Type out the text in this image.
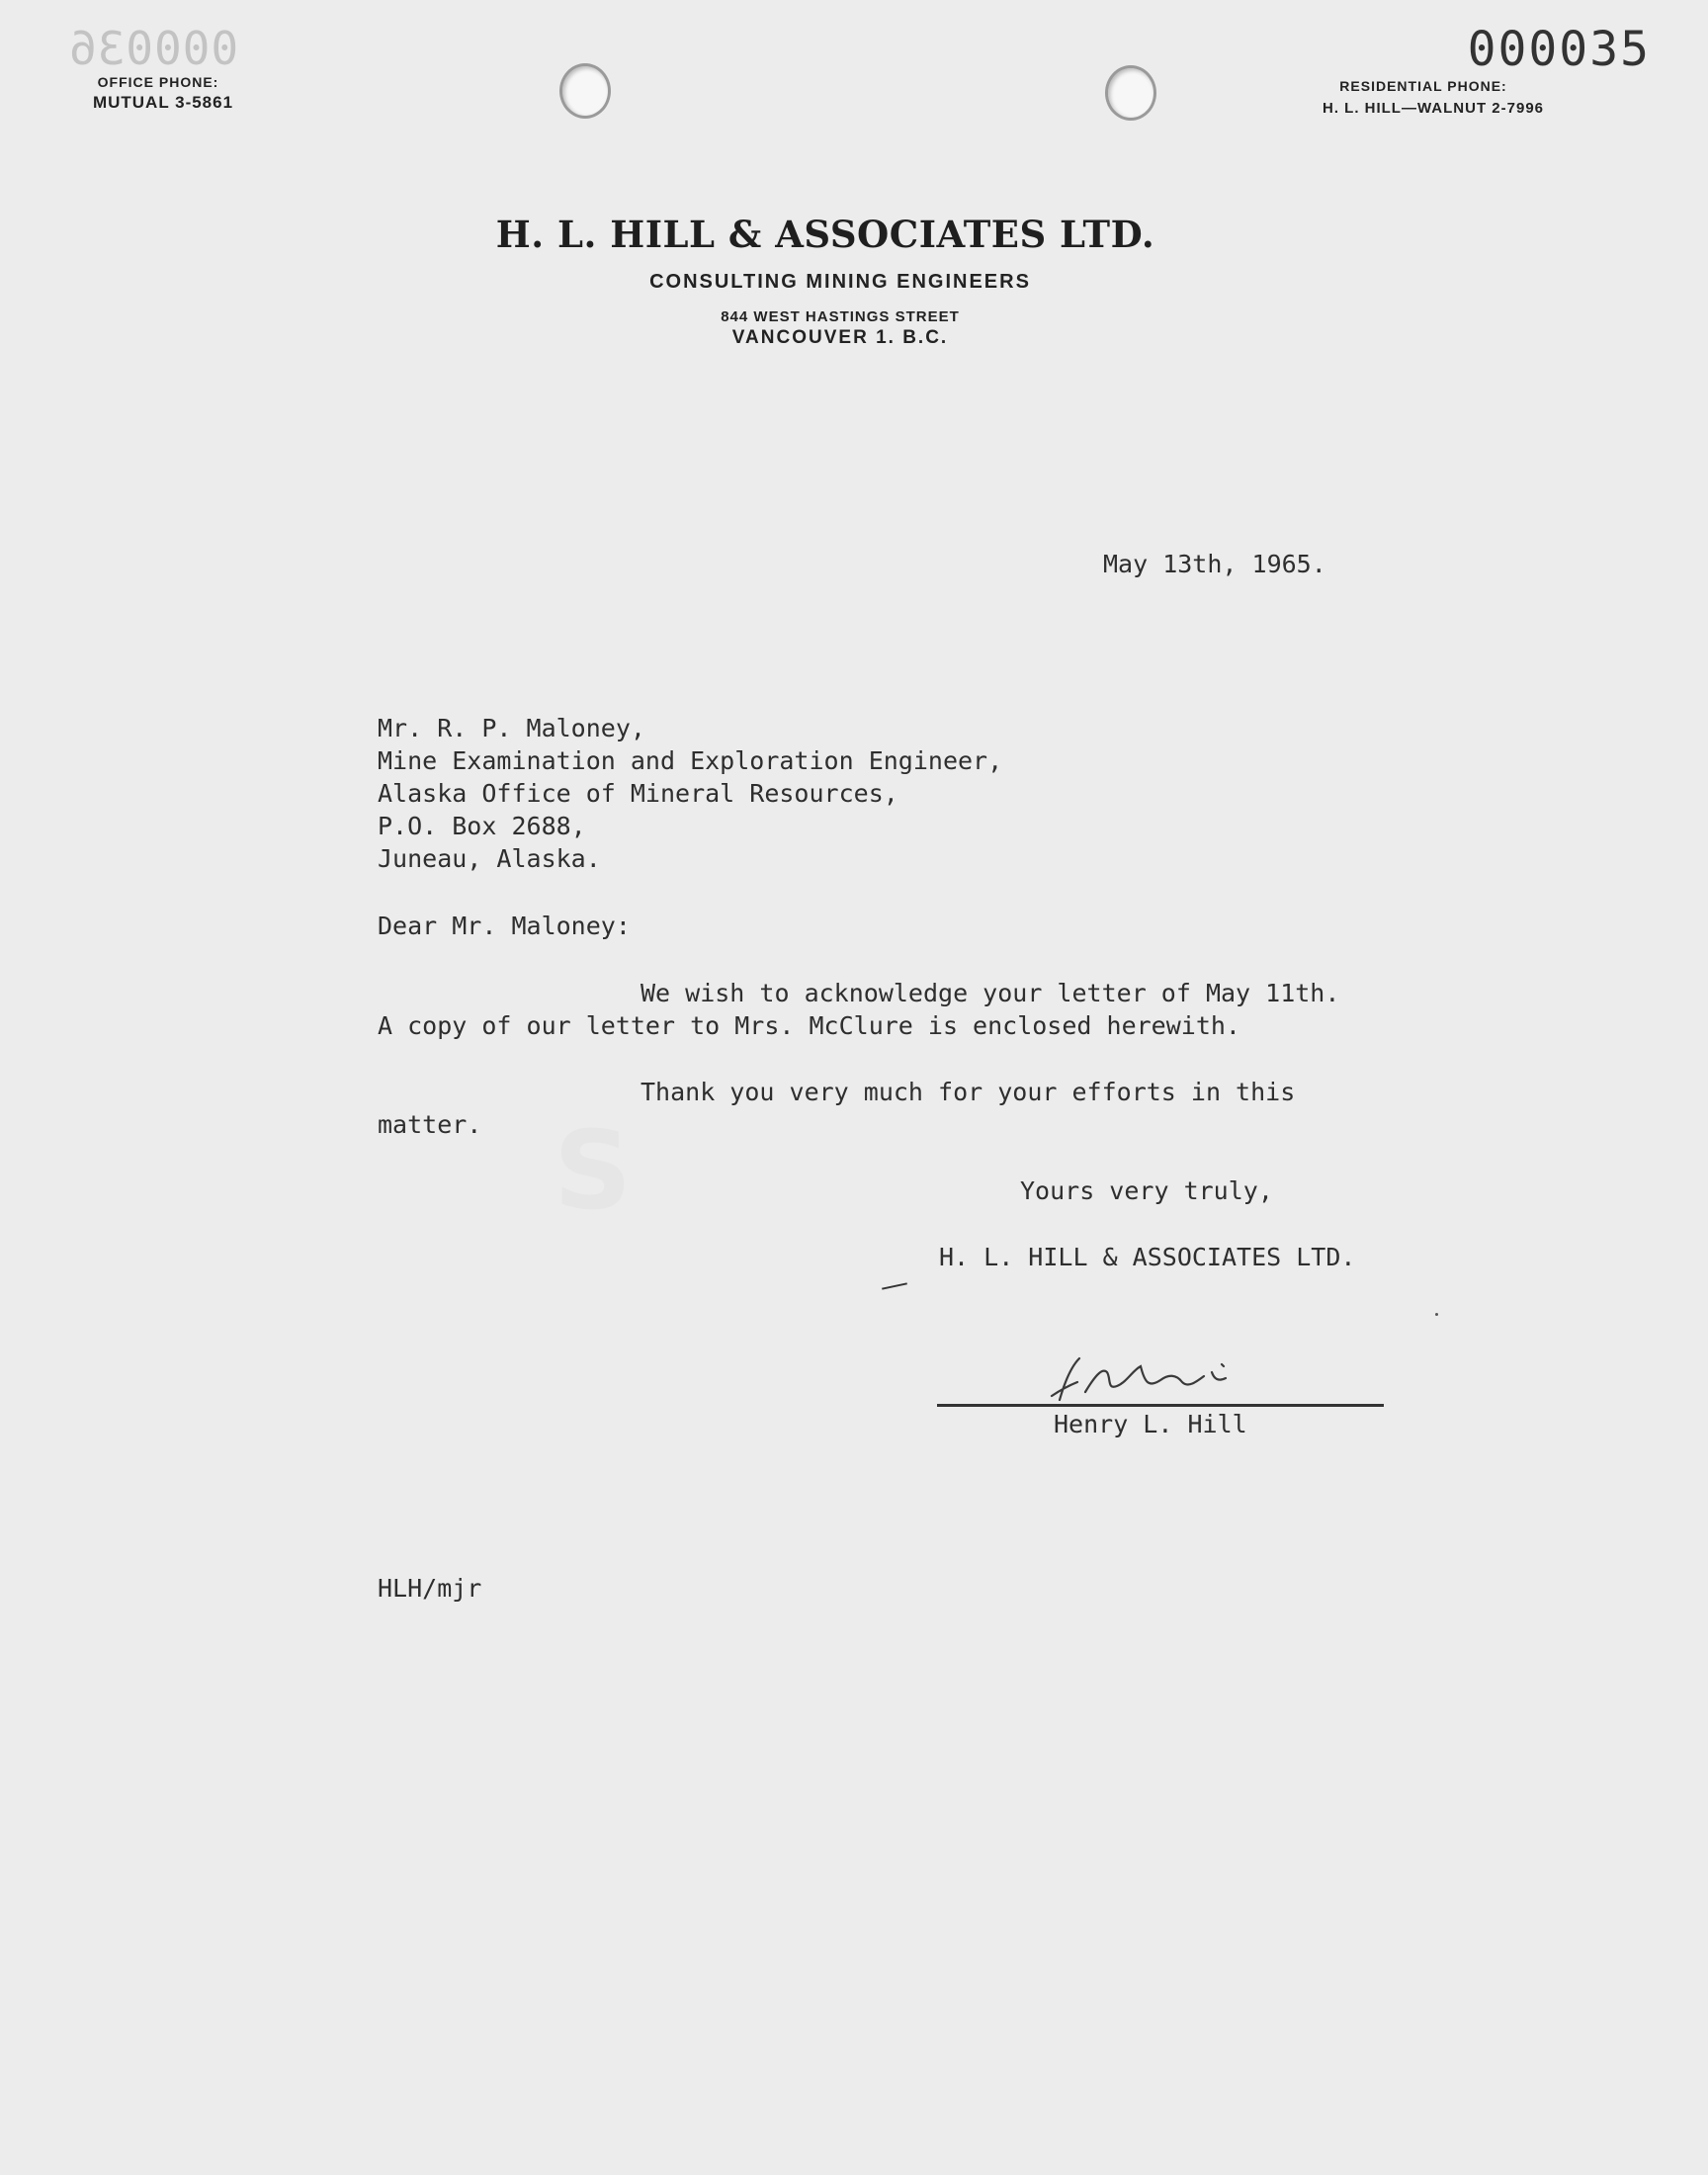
S
000036	000035
OFFICE PHONE:
MUTUAL 3-5861
RESIDENTIAL PHONE:
H. L. HILL—WALNUT 2-7996
H. L. HILL & ASSOCIATES LTD.
CONSULTING MINING ENGINEERS
844 WEST HASTINGS STREET
VANCOUVER 1. B.C.
May 13th, 1965.
Mr. R. P. Maloney,
Mine Examination and Exploration Engineer,
Alaska Office of Mineral Resources,
P.O. Box 2688,
Juneau, Alaska.
Dear Mr. Maloney:
We wish to acknowledge your letter of May 11th.
A copy of our letter to Mrs. McClure is enclosed herewith.
Thank you very much for your efforts in this
matter.
Yours very truly,
H. L. HILL & ASSOCIATES LTD.
Henry L. Hill
HLH/mjr
